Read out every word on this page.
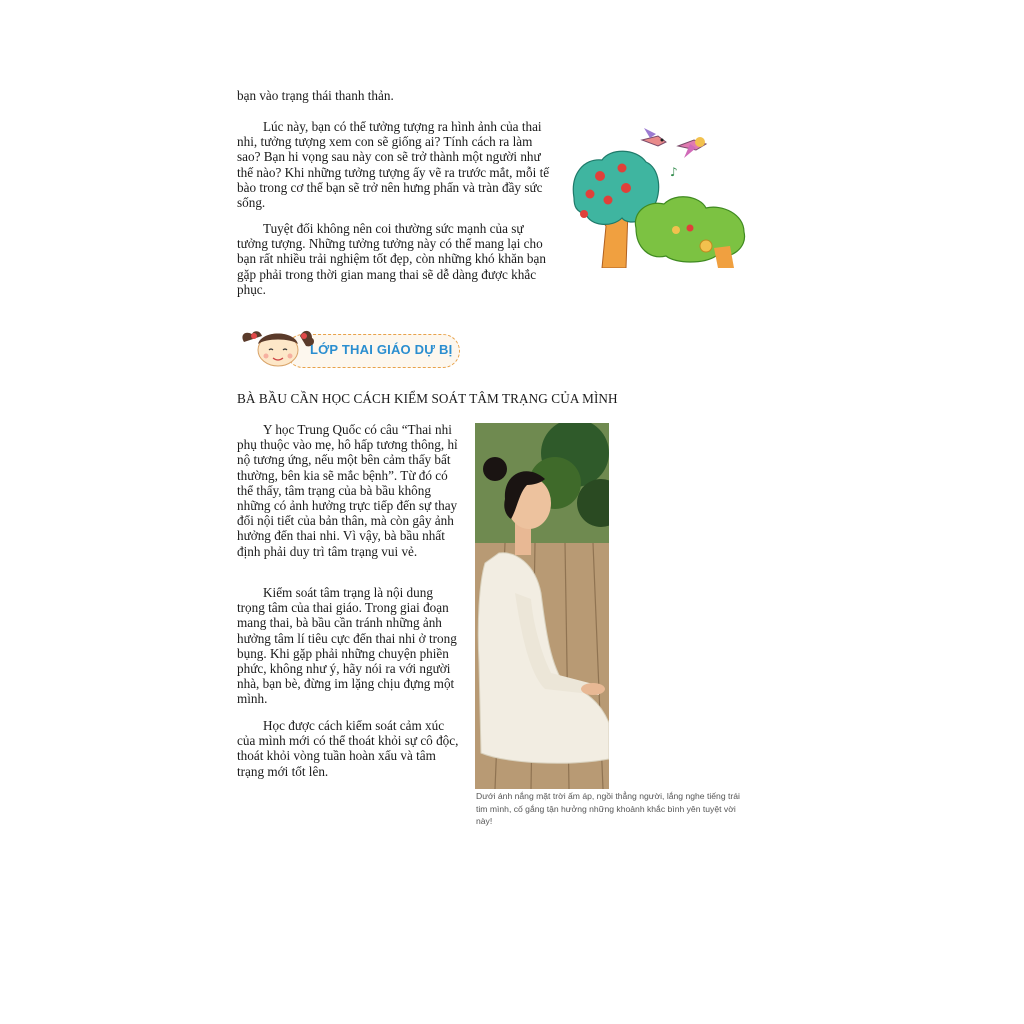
bạn vào trạng thái thanh thản.

Lúc này, bạn có thể tưởng tượng ra hình ảnh của thai nhi, tưởng tượng xem con sẽ giống ai? Tính cách ra làm sao? Bạn hi vọng sau này con sẽ trở thành một người như thế nào? Khi những tưởng tượng ấy vẽ ra trước mắt, mỗi tế bào trong cơ thể bạn sẽ trở nên hưng phấn và tràn đầy sức sống.

Tuyệt đối không nên coi thường sức mạnh của sự tưởng tượng. Những tưởng tưởng này có thể mang lại cho bạn rất nhiều trải nghiệm tốt đẹp, còn những khó khăn bạn gặp phải trong thời gian mang thai sẽ dễ dàng được khắc phục.

♪
LỚP THAI GIÁO DỰ BỊ
BÀ BẦU CẦN HỌC CÁCH KIỂM SOÁT TÂM TRẠNG CỦA MÌNH

Y học Trung Quốc có câu “Thai nhi phụ thuộc vào mẹ, hô hấp tương thông, hỉ nộ tương ứng, nếu một bên cảm thấy bất thường, bên kia sẽ mắc bệnh”. Từ đó có thể thấy, tâm trạng của bà bầu không những có ảnh hưởng trực tiếp đến sự thay đổi nội tiết của bản thân, mà còn gây ảnh hưởng đến thai nhi. Vì vậy, bà bầu nhất định phải duy trì tâm trạng vui vẻ.

Kiểm soát tâm trạng là nội dung trọng tâm của thai giáo. Trong giai đoạn mang thai, bà bầu cần tránh những ảnh hưởng tâm lí tiêu cực đến thai nhi ở trong bụng. Khi gặp phải những chuyện phiền phức, không như ý, hãy nói ra với người nhà, bạn bè, đừng im lặng chịu đựng một mình.

Học được cách kiểm soát cảm xúc của mình mới có thể thoát khỏi sự cô độc, thoát khỏi vòng tuần hoàn xấu và tâm trạng mới tốt lên.

Dưới ánh nắng mặt trời ấm áp, ngồi thẳng người, lắng nghe tiếng trái tim mình, cố gắng tận hưởng những khoảnh khắc bình yên tuyệt vời này!
